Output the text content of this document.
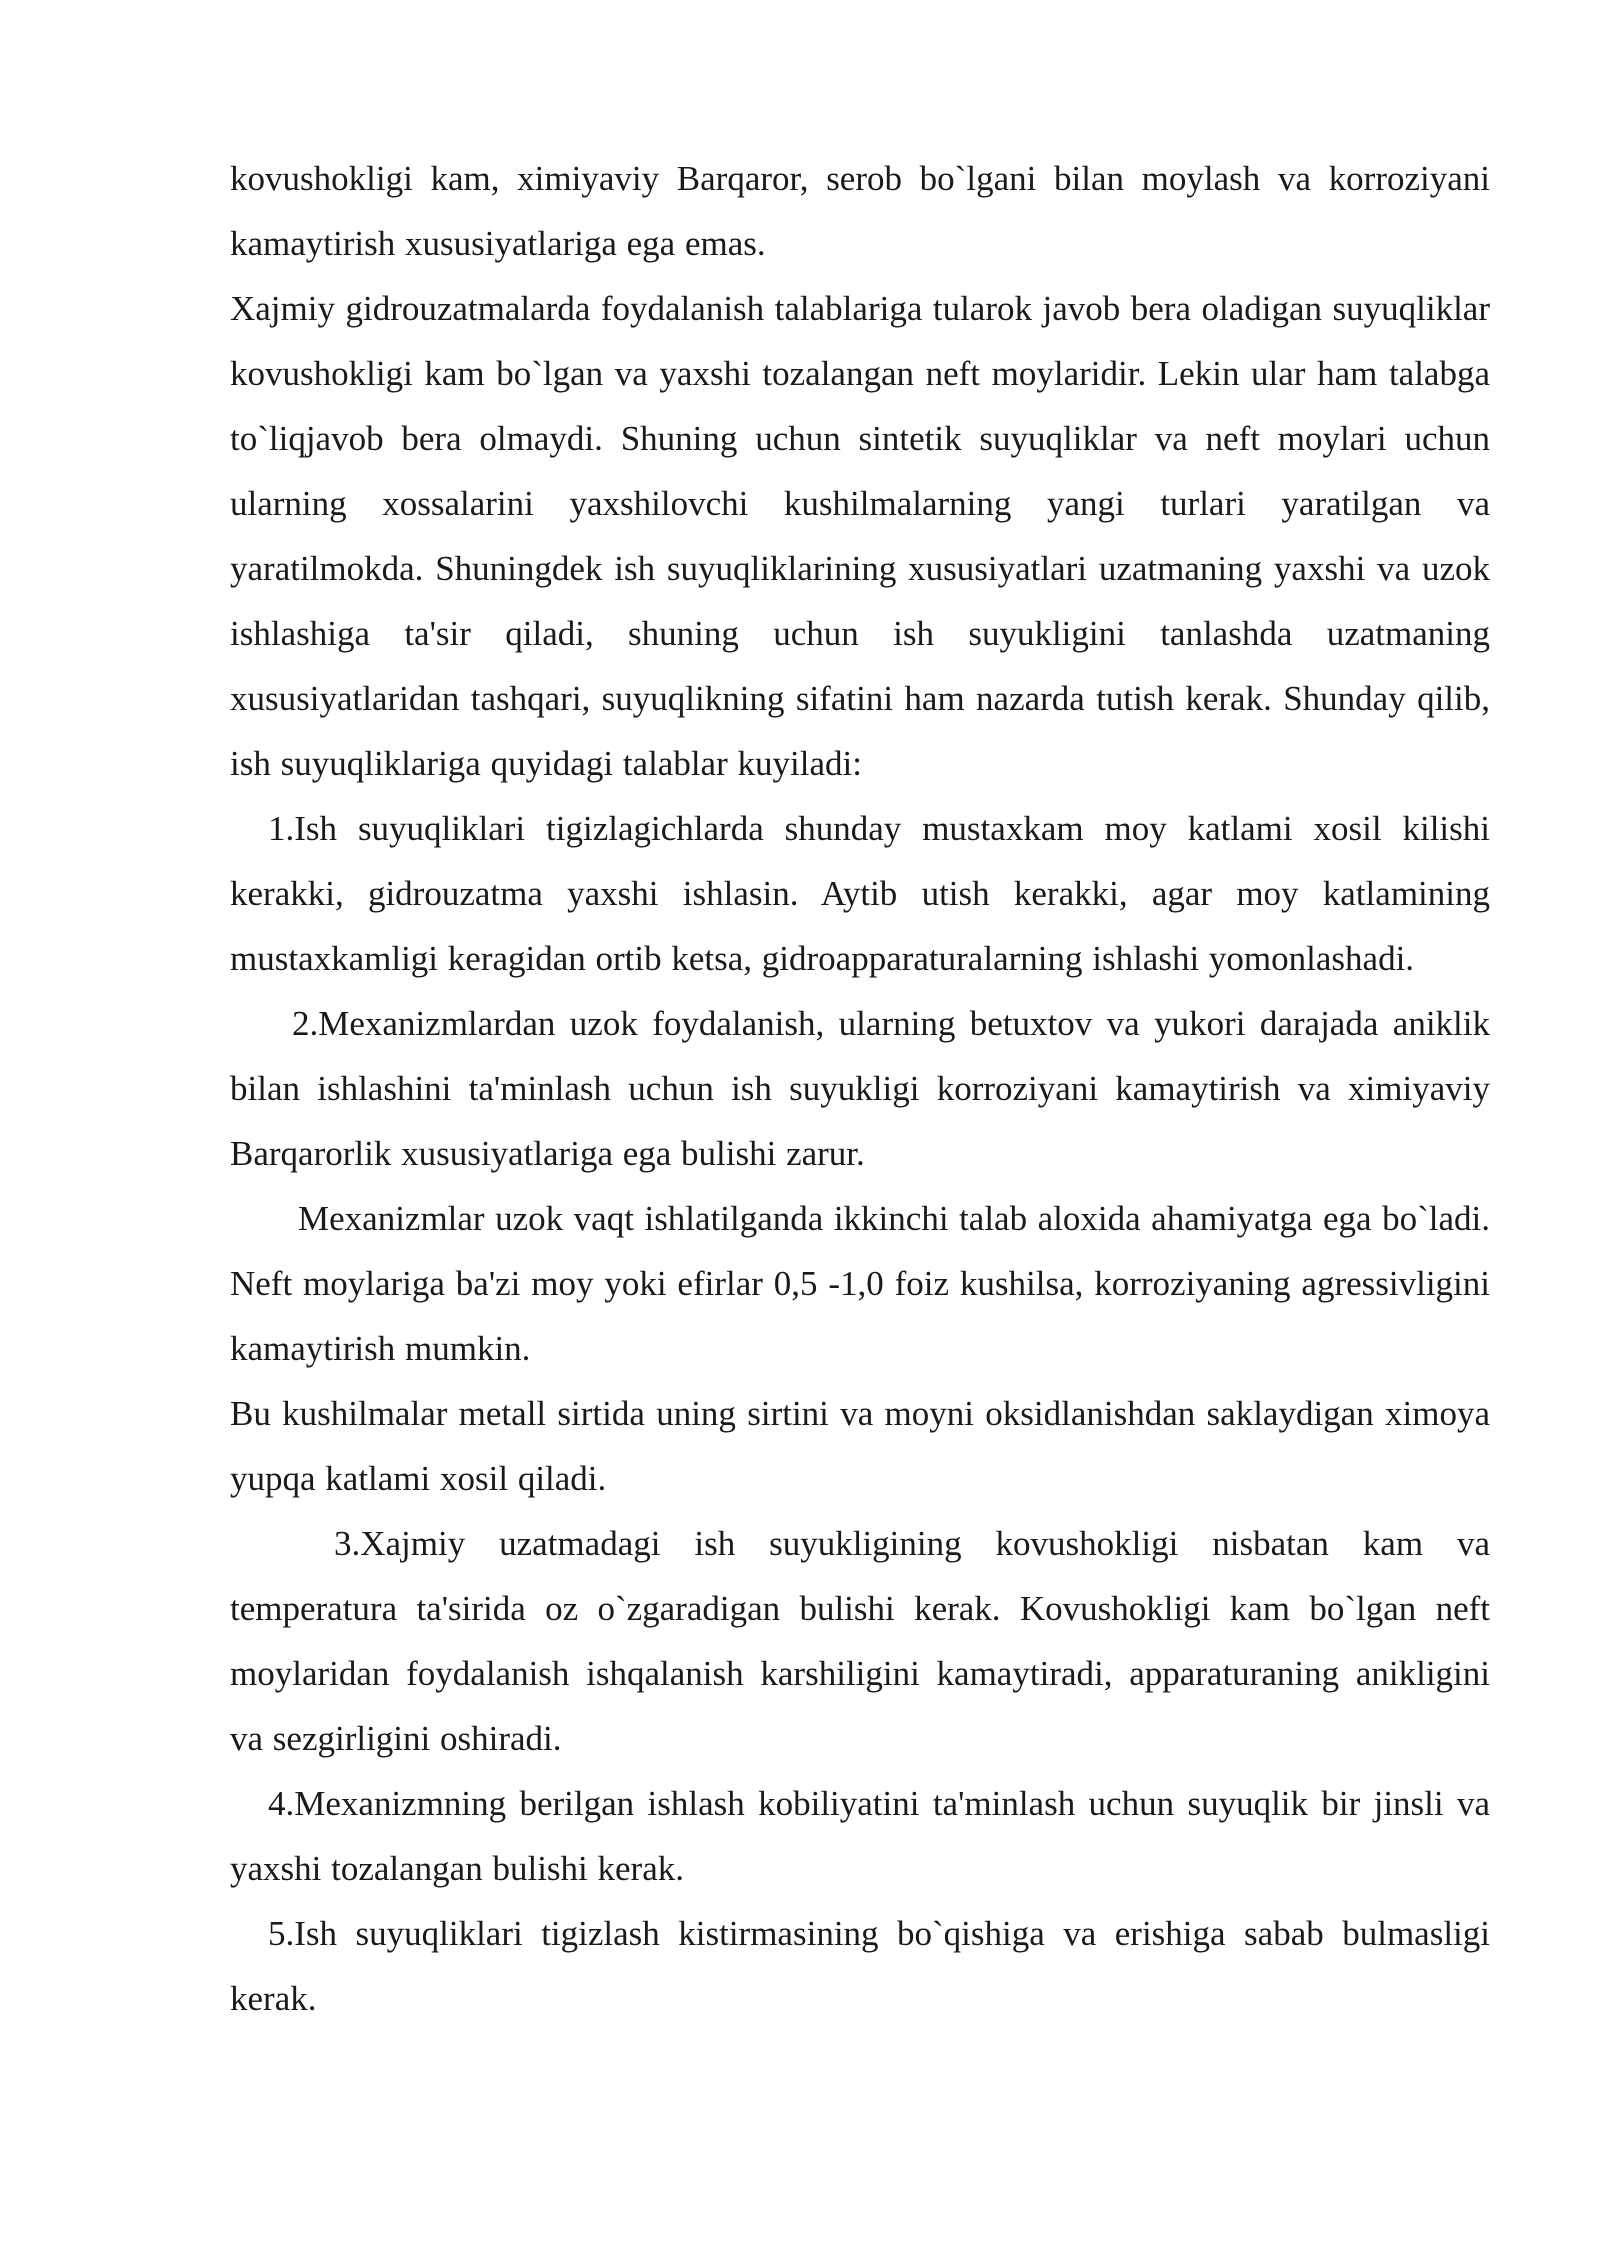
kovushokligi kam, ximiyaviy Barqaror, serob bo`lgani bilan moylash va korroziyani kamaytirish xususiyatlariga ega emas.

Xajmiy gidrouzatmalarda foydalanish talablariga tularok javob bera oladigan suyuqliklar kovushokligi kam bo`lgan va yaxshi tozalangan neft moylaridir. Lekin ular ham talabga to`liqjavob bera olmaydi. Shuning uchun sintetik suyuqliklar va neft moylari uchun ularning xossalarini yaxshilovchi kushilmalarning yangi turlari yaratilgan va yaratilmokda. Shuningdek ish suyuqliklarining xususiyatlari uzatmaning yaxshi va uzok ishlashiga ta'sir qiladi, shuning uchun ish suyukligini tanlashda uzatmaning xususiyatlaridan tashqari, suyuqlikning sifatini ham nazarda tutish kerak. Shunday qilib, ish suyuqliklariga quyidagi talablar kuyiladi:

1.Ish suyuqliklari tigizlagichlarda shunday mustaxkam moy katlami xosil kilishi kerakki, gidrouzatma yaxshi ishlasin. Aytib utish kerakki, agar moy katlamining mustaxkamligi keragidan ortib ketsa, gidroapparaturalarning ishlashi yomonlashadi.

2.Mexanizmlardan uzok foydalanish, ularning betuxtov va yukori darajada aniklik bilan ishlashini ta'minlash uchun ish suyukligi korroziyani kamaytirish va ximiyaviy Barqarorlik xususiyatlariga ega bulishi zarur.

Mexanizmlar uzok vaqt ishlatilganda ikkinchi talab aloxida ahamiyatga ega bo`ladi. Neft moylariga ba'zi moy yoki efirlar 0,5 -1,0 foiz kushilsa, korroziyaning agressivligini kamaytirish mumkin.

Bu kushilmalar metall sirtida uning sirtini va moyni oksidlanishdan saklaydigan ximoya yupqa katlami xosil qiladi.

3.Xajmiy uzatmadagi ish suyukligining kovushokligi nisbatan kam va temperatura ta'sirida oz o`zgaradigan bulishi kerak. Kovushokligi kam bo`lgan neft moylaridan foydalanish ishqalanish karshiligini kamaytiradi, apparaturaning anikligini va sezgirligini oshiradi.

4.Mexanizmning berilgan ishlash kobiliyatini ta'minlash uchun suyuqlik bir jinsli va yaxshi tozalangan bulishi kerak.

5.Ish suyuqliklari tigizlash kistirmasining bo`qishiga va erishiga sabab bulmasligi kerak.
